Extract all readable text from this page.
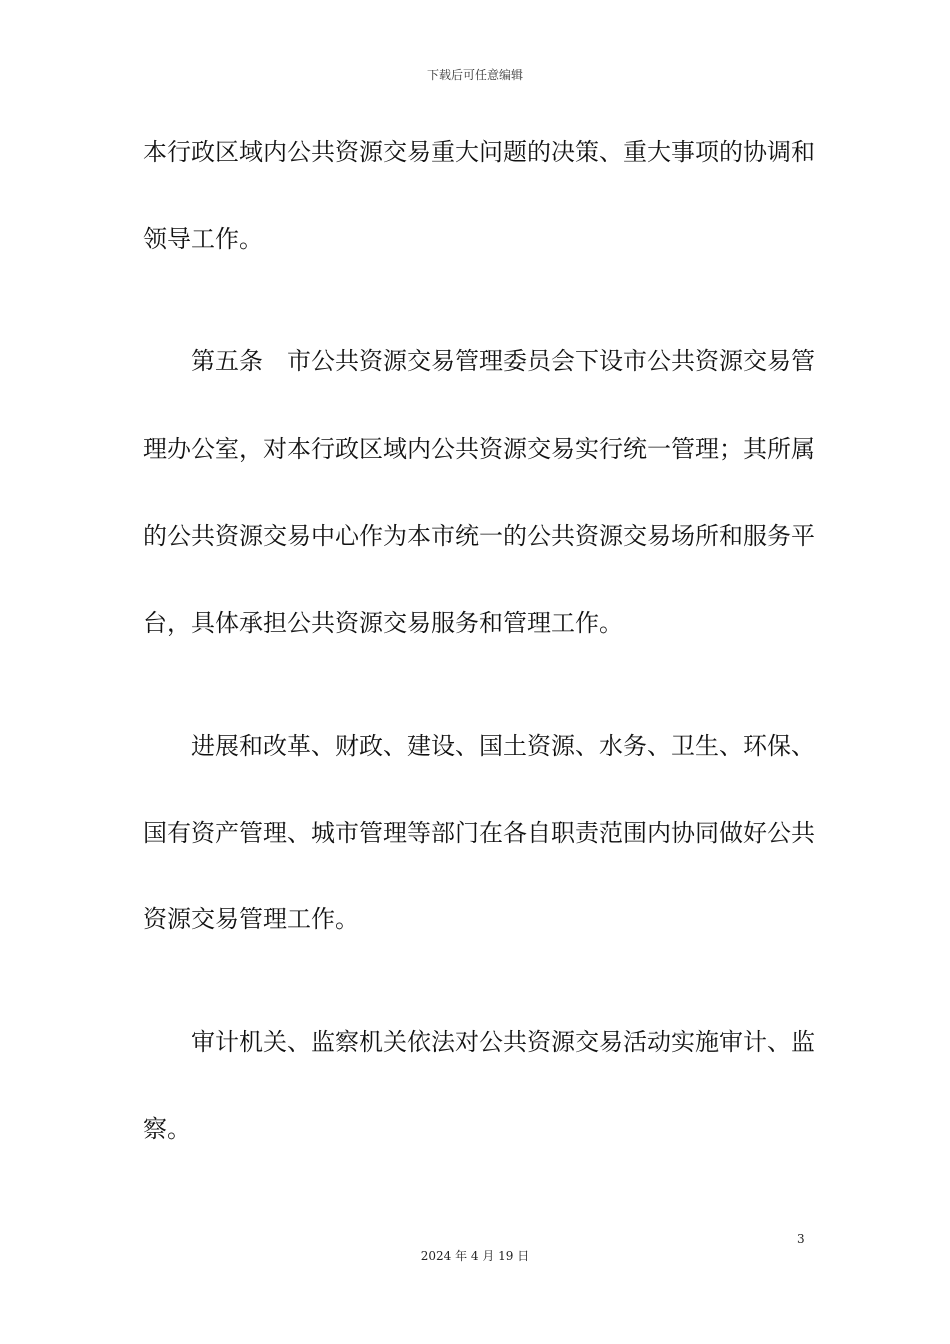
下载后可任意编辑
本行政区域内公共资源交易重大问题的决策、重大事项的协调和
领导工作。
　　第五条　市公共资源交易管理委员会下设市公共资源交易管
理办公室，对本行政区域内公共资源交易实行统一管理；其所属
的公共资源交易中心作为本市统一的公共资源交易场所和服务平
台，具体承担公共资源交易服务和管理工作。
　　进展和改革、财政、建设、国土资源、水务、卫生、环保、
国有资产管理、城市管理等部门在各自职责范围内协同做好公共
资源交易管理工作。
　　审计机关、监察机关依法对公共资源交易活动实施审计、监
察。
3
2024 年 4 月 19 日
